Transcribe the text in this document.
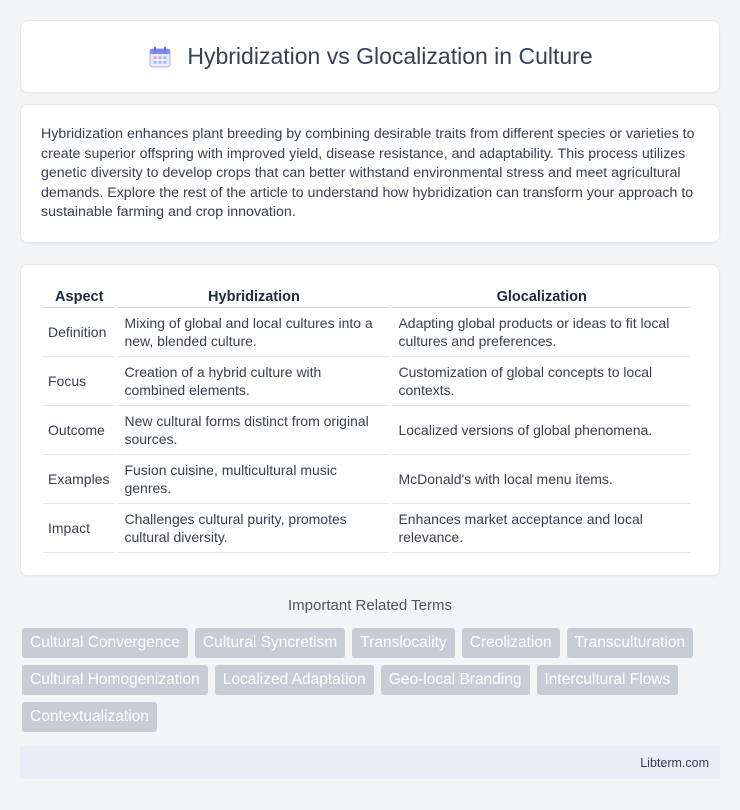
Hybridization vs Glocalization in Culture

Hybridization enhances plant breeding by combining desirable traits from different species or varieties to create superior offspring with improved yield, disease resistance, and adaptability. This process utilizes genetic diversity to develop crops that can better withstand environmental stress and meet agricultural demands. Explore the rest of the article to understand how hybridization can transform your approach to sustainable farming and crop innovation.

Aspect	Hybridization	Glocalization
Definition	Mixing of global and local cultures into a new, blended culture.	Adapting global products or ideas to fit local cultures and preferences.
Focus	Creation of a hybrid culture with combined elements.	Customization of global concepts to local contexts.
Outcome	New cultural forms distinct from original sources.	Localized versions of global phenomena.
Examples	Fusion cuisine, multicultural music genres.	McDonald's with local menu items.
Impact	Challenges cultural purity, promotes cultural diversity.	Enhances market acceptance and local relevance.
Important Related Terms
Cultural Convergence	Cultural Syncretism	Translocality	Creolization	Transculturation
Cultural Homogenization	Localized Adaptation	Geo-local Branding	Intercultural Flows
Contextualization
Libterm.com
